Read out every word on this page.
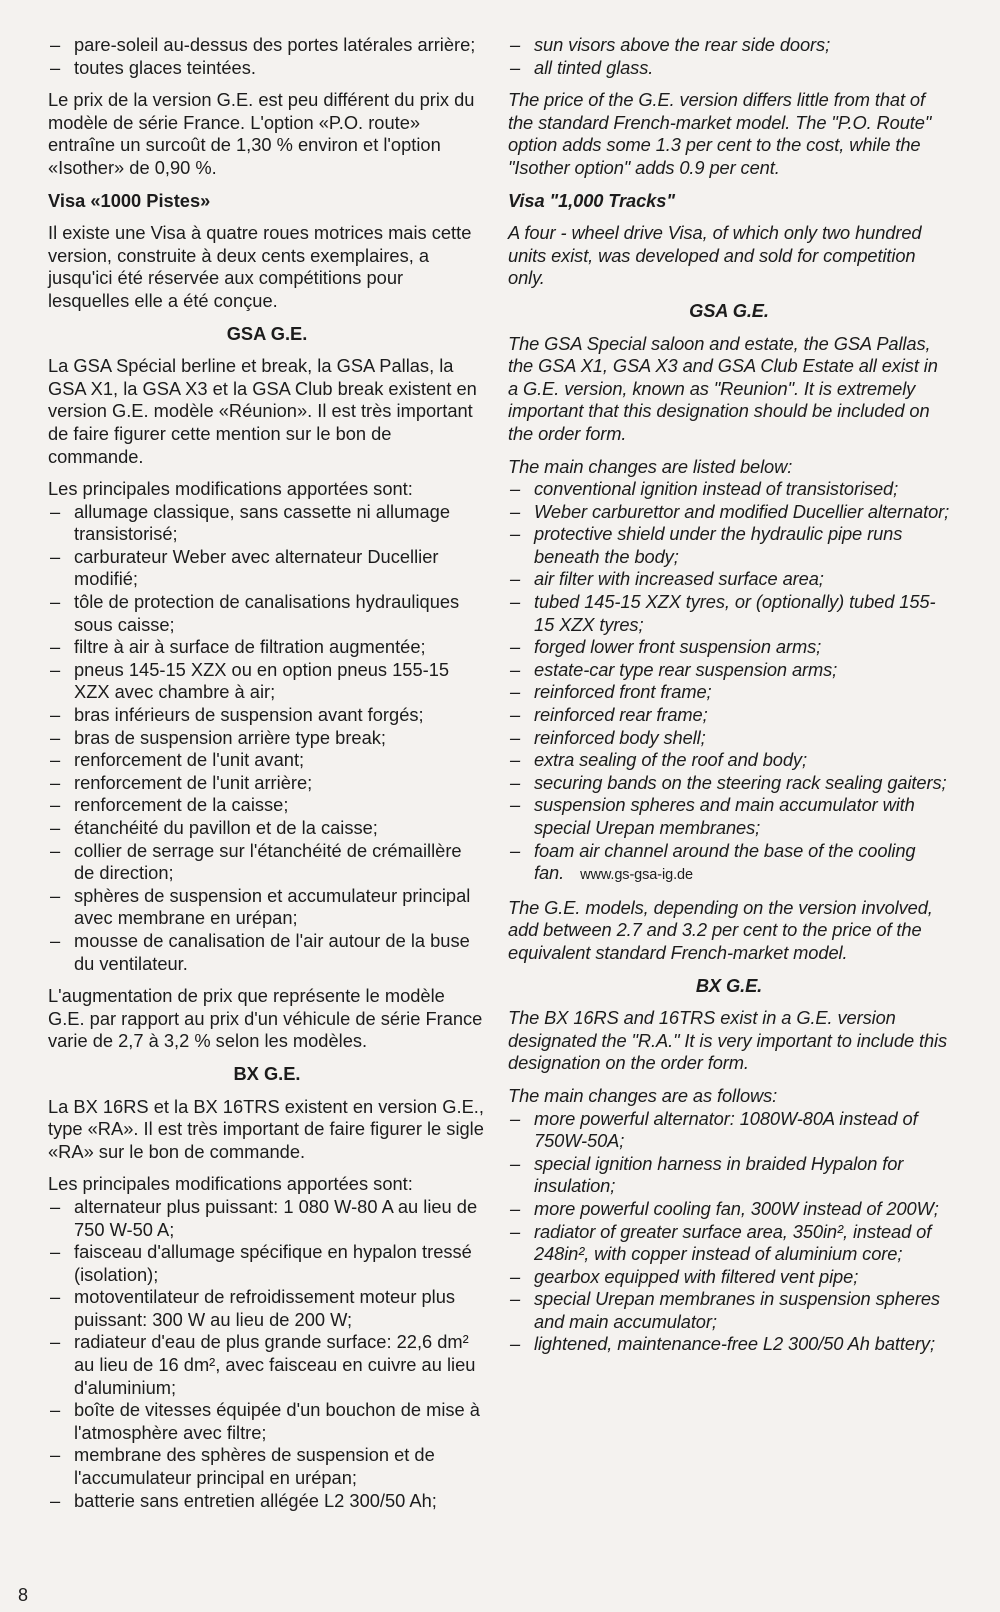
– pare-soleil au-dessus des portes latérales arrière;
– toutes glaces teintées.

Le prix de la version G.E. est peu différent du prix du modèle de série France. L'option «P.O. route» entraîne un surcoût de 1,30 % environ et l'option «Isother» de 0,90 %.

Visa «1000 Pistes»

Il existe une Visa à quatre roues motrices mais cette version, construite à deux cents exemplaires, a jusqu'ici été réservée aux compétitions pour lesquelles elle a été conçue.

GSA G.E.

La GSA Spécial berline et break, la GSA Pallas, la GSA X1, la GSA X3 et la GSA Club break existent en version G.E. modèle «Réunion». Il est très important de faire figurer cette mention sur le bon de commande.

Les principales modifications apportées sont:

– allumage classique, sans cassette ni allumage transistorisé;
– carburateur Weber avec alternateur Ducellier modifié;
– tôle de protection de canalisations hydrauliques sous caisse;
– filtre à air à surface de filtration augmentée;
– pneus 145-15 XZX ou en option pneus 155-15 XZX avec chambre à air;
– bras inférieurs de suspension avant forgés;
– bras de suspension arrière type break;
– renforcement de l'unit avant;
– renforcement de l'unit arrière;
– renforcement de la caisse;
– étanchéité du pavillon et de la caisse;
– collier de serrage sur l'étanchéité de crémaillère de direction;
– sphères de suspension et accumulateur principal avec membrane en urépan;
– mousse de canalisation de l'air autour de la buse du ventilateur.

L'augmentation de prix que représente le modèle G.E. par rapport au prix d'un véhicule de série France varie de 2,7 à 3,2 % selon les modèles.

BX G.E.

La BX 16RS et la BX 16TRS existent en version G.E., type «RA». Il est très important de faire figurer le sigle «RA» sur le bon de commande.

Les principales modifications apportées sont:

– alternateur plus puissant: 1 080 W-80 A au lieu de 750 W-50 A;
– faisceau d'allumage spécifique en hypalon tressé (isolation);
– motoventilateur de refroidissement moteur plus puissant: 300 W au lieu de 200 W;
– radiateur d'eau de plus grande surface: 22,6 dm² au lieu de 16 dm², avec faisceau en cuivre au lieu d'aluminium;
– boîte de vitesses équipée d'un bouchon de mise à l'atmosphère avec filtre;
– membrane des sphères de suspension et de l'accumulateur principal en urépan;
– batterie sans entretien allégée L2 300/50 Ah;
– sun visors above the rear side doors;
– all tinted glass.

The price of the G.E. version differs little from that of the standard French-market model. The "P.O. Route" option adds some 1.3 per cent to the cost, while the "Isother option" adds 0.9 per cent.

Visa "1,000 Tracks"

A four - wheel drive Visa, of which only two hundred units exist, was developed and sold for competition only.

GSA G.E.

The GSA Special saloon and estate, the GSA Pallas, the GSA X1, GSA X3 and GSA Club Estate all exist in a G.E. version, known as "Reunion". It is extremely important that this designation should be included on the order form.

The main changes are listed below:

– conventional ignition instead of transistorised;
– Weber carburettor and modified Ducellier alternator;
– protective shield under the hydraulic pipe runs beneath the body;
– air filter with increased surface area;
– tubed 145-15 XZX tyres, or (optionally) tubed 155-15 XZX tyres;
– forged lower front suspension arms;
– estate-car type rear suspension arms;
– reinforced front frame;
– reinforced rear frame;
– reinforced body shell;
– extra sealing of the roof and body;
– securing bands on the steering rack sealing gaiters;
– suspension spheres and main accumulator with special Urepan membranes;
– foam air channel around the base of the cooling fan. www.gs-gsa-ig.de

The G.E. models, depending on the version involved, add between 2.7 and 3.2 per cent to the price of the equivalent standard French-market model.

BX G.E.

The BX 16RS and 16TRS exist in a G.E. version designated the "R.A." It is very important to include this designation on the order form.

The main changes are as follows:

– more powerful alternator: 1080W-80A instead of 750W-50A;
– special ignition harness in braided Hypalon for insulation;
– more powerful cooling fan, 300W instead of 200W;
– radiator of greater surface area, 350in², instead of 248in², with copper instead of aluminium core;
– gearbox equipped with filtered vent pipe;
– special Urepan membranes in suspension spheres and main accumulator;
– lightened, maintenance-free L2 300/50 Ah battery;
8
